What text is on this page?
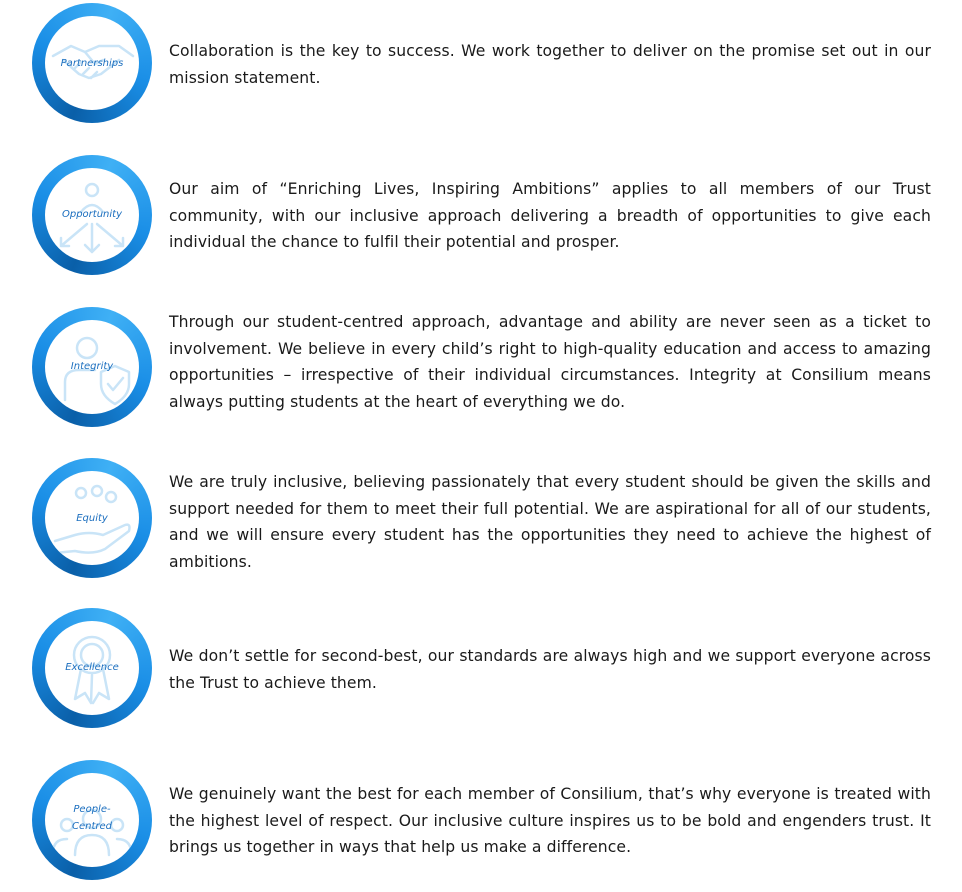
Partnerships

Collaboration is the key to success. We work together to deliver on the promise set out in our mission statement.

Opportunity

Our aim of “Enriching Lives, Inspiring Ambitions” applies to all members of our Trust community, with our inclusive approach delivering a breadth of opportunities to give each individual the chance to fulfil their potential and prosper.

Integrity

Through our student-centred approach, advantage and ability are never seen as a ticket to involvement. We believe in every child’s right to high-quality education and access to amazing opportunities – irrespective of their individual circumstances. Integrity at Consilium means always putting students at the heart of everything we do.

Equity

We are truly inclusive, believing passionately that every student should be given the skills and support needed for them to meet their full potential. We are aspirational for all of our students, and we will ensure every student has the opportunities they need to achieve the highest of ambitions.

Excellence

We don’t settle for second-best, our standards are always high and we support everyone across the Trust to achieve them.

People-
Centred

We genuinely want the best for each member of Consilium, that’s why everyone is treated with the highest level of respect. Our inclusive culture inspires us to be bold and engenders trust. It brings us together in ways that help us make a difference.
